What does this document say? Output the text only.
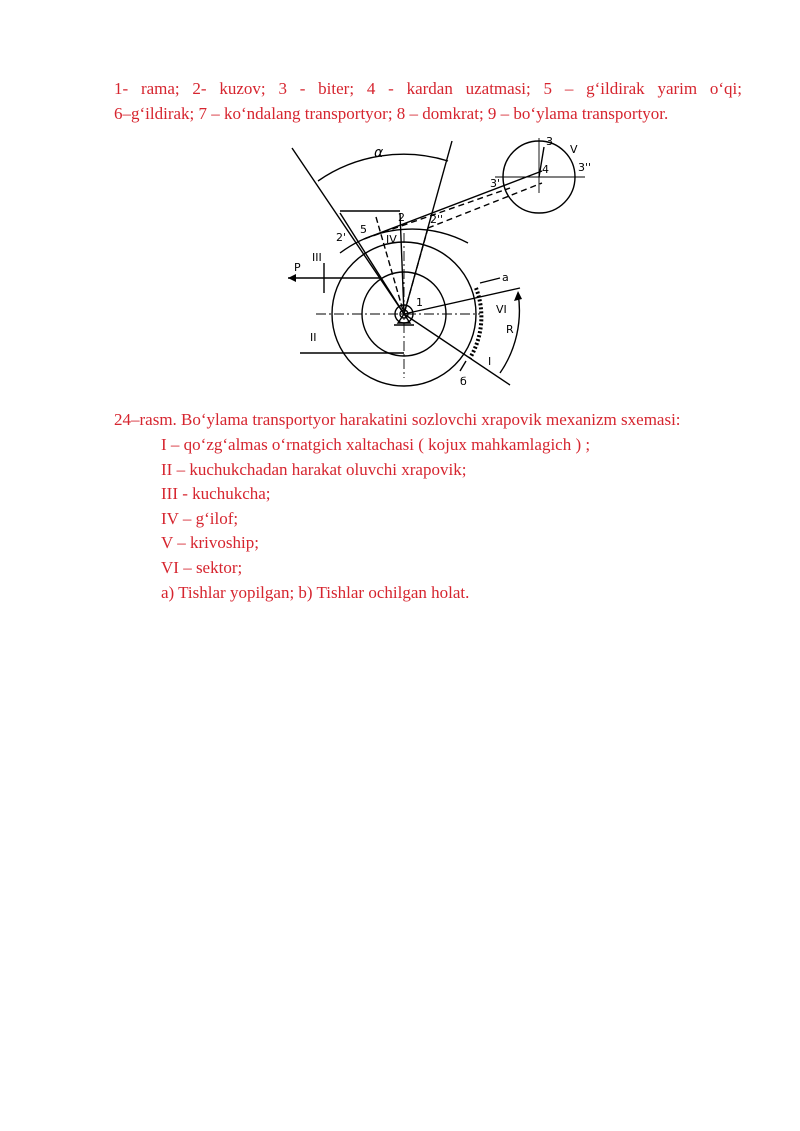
1- rama; 2- kuzov; 3 - biter; 4 - kardan uzatmasi; 5 – g‘ildirak yarim o‘qi;
6–g‘ildirak; 7 – ko‘ndalang transportyor; 8 – domkrat; 9 – bo‘ylama transportyor.
α
P
1
2
2'
2''
3
3'
3''
4
5
a
б
R
I
II
III
IV
V
VI
24–rasm. Bo‘ylama transportyor harakatini sozlovchi xrapovik mexanizm sxemasi:
I – qo‘zg‘almas o‘rnatgich xaltachasi ( kojux mahkamlagich ) ;
II – kuchukchadan harakat oluvchi xrapovik;
III - kuchukcha;
IV – g‘ilof;
V – krivoship;
VI – sektor;
a) Tishlar yopilgan; b) Tishlar ochilgan holat.
